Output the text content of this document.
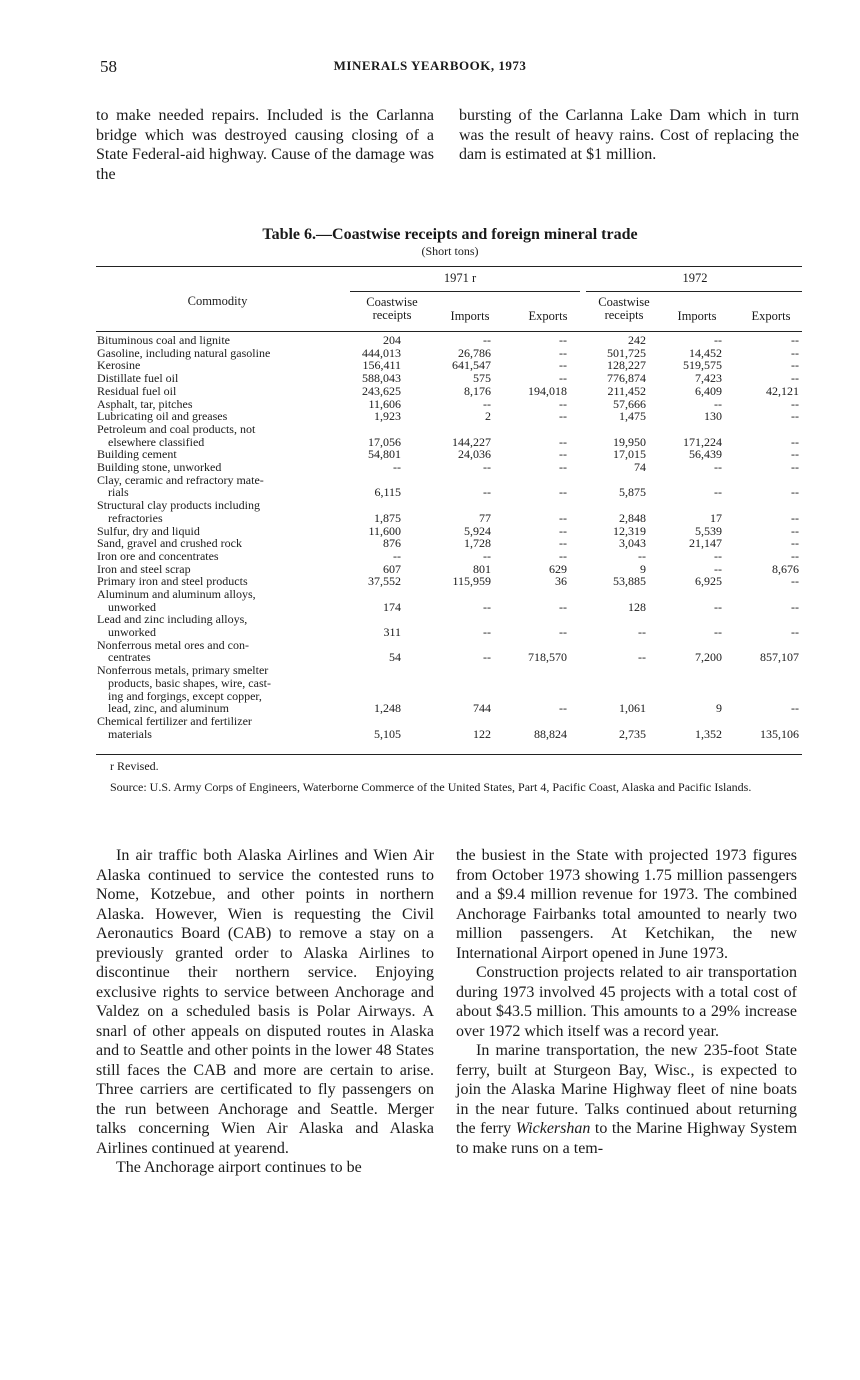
58	MINERALS YEARBOOK, 1973

to make needed repairs. Included is the Carlanna bridge which was destroyed causing closing of a State Federal-aid highway. Cause of the damage was the

bursting of the Carlanna Lake Dam which in turn was the result of heavy rains. Cost of replacing the dam is estimated at $1 million.

Table 6.—Coastwise receipts and foreign mineral trade
(Short tons)
Commodity
1971 r	1972
Coastwise receipts	Imports	Exports
Coastwise receipts	Imports	Exports
Bituminous coal and lignite	204	--	--	242	--	--
Gasoline, including natural gasoline	444,013	26,786	--	501,725	14,452	--
Kerosine	156,411	641,547	--	128,227	519,575	--
Distillate fuel oil	588,043	575	--	776,874	7,423	--
Residual fuel oil	243,625	8,176	194,018	211,452	6,409	42,121
Asphalt, tar, pitches	11,606	--	--	57,666	--	--
Lubricating oil and greases	1,923	2	--	1,475	130	--
Petroleum and coal products, not
elsewhere classified	17,056	144,227	--	19,950	171,224	--
Building cement	54,801	24,036	--	17,015	56,439	--
Building stone, unworked	--	--	--	74	--	--
Clay, ceramic and refractory mate-
rials	6,115	--	--	5,875	--	--
Structural clay products including
refractories	1,875	77	--	2,848	17	--
Sulfur, dry and liquid	11,600	5,924	--	12,319	5,539	--
Sand, gravel and crushed rock	876	1,728	--	3,043	21,147	--
Iron ore and concentrates	--	--	--	--	--	--
Iron and steel scrap	607	801	629	9	--	8,676
Primary iron and steel products	37,552	115,959	36	53,885	6,925	--
Aluminum and aluminum alloys,
unworked	174	--	--	128	--	--
Lead and zinc including alloys,
unworked	311	--	--	--	--	--
Nonferrous metal ores and con-
centrates	54	--	718,570	--	7,200	857,107
Nonferrous metals, primary smelter
products, basic shapes, wire, cast-
ing and forgings, except copper,
lead, zinc, and aluminum	1,248	744	--	1,061	9	--
Chemical fertilizer and fertilizer
materials	5,105	122	88,824	2,735	1,352	135,106
r Revised.
Source: U.S. Army Corps of Engineers, Waterborne Commerce of the United States, Part 4, Pacific Coast, Alaska and Pacific Islands.

In air traffic both Alaska Airlines and Wien Air Alaska continued to service the contested runs to Nome, Kotzebue, and other points in northern Alaska. However, Wien is requesting the Civil Aeronautics Board (CAB) to remove a stay on a previously granted order to Alaska Airlines to discontinue their northern service. Enjoying exclusive rights to service between Anchorage and Valdez on a scheduled basis is Polar Airways. A snarl of other appeals on disputed routes in Alaska and to Seattle and other points in the lower 48 States still faces the CAB and more are certain to arise. Three carriers are certificated to fly passengers on the run between Anchorage and Seattle. Merger talks concerning Wien Air Alaska and Alaska Airlines continued at yearend.

The Anchorage airport continues to be

the busiest in the State with projected 1973 figures from October 1973 showing 1.75 million passengers and a $9.4 million revenue for 1973. The combined Anchorage Fairbanks total amounted to nearly two million passengers. At Ketchikan, the new International Airport opened in June 1973.

Construction projects related to air transportation during 1973 involved 45 projects with a total cost of about $43.5 million. This amounts to a 29% increase over 1972 which itself was a record year.

In marine transportation, the new 235-foot State ferry, built at Sturgeon Bay, Wisc., is expected to join the Alaska Marine Highway fleet of nine boats in the near future. Talks continued about returning the ferry Wickershan to the Marine Highway System to make runs on a tem-
